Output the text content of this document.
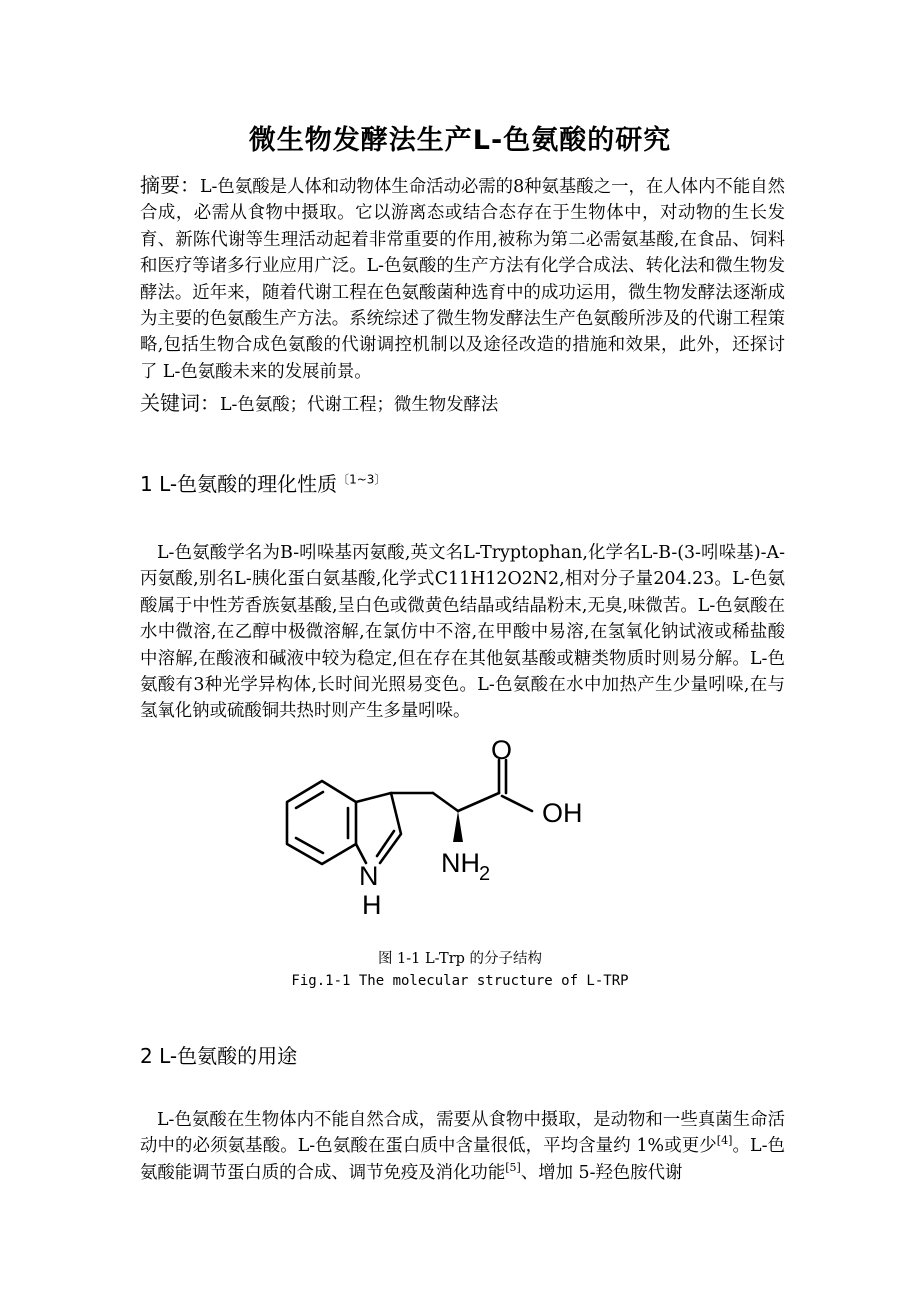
微生物发酵法生产L-色氨酸的研究

摘要：L-色氨酸是人体和动物体生命活动必需的8种氨基酸之一，在人体内不能自然合成，必需从食物中摄取。它以游离态或结合态存在于生物体中，对动物的生长发育、新陈代谢等生理活动起着非常重要的作用,被称为第二必需氨基酸,在食品、饲料和医疗等诸多行业应用广泛。L-色氨酸的生产方法有化学合成法、转化法和微生物发酵法。近年来，随着代谢工程在色氨酸菌种选育中的成功运用，微生物发酵法逐渐成为主要的色氨酸生产方法。系统综述了微生物发酵法生产色氨酸所涉及的代谢工程策略,包括生物合成色氨酸的代谢调控机制以及途径改造的措施和效果，此外，还探讨了 L-色氨酸未来的发展前景。

关键词：L-色氨酸；代谢工程；微生物发酵法

1 L-色氨酸的理化性质$^{〔1\sim 3〕}$

L-色氨酸学名为B-吲哚基丙氨酸,英文名L-Tryptophan,化学名L-B-(3-吲哚基)-A-丙氨酸,别名L-胰化蛋白氨基酸,化学式C11H12O2N2,相对分子量204.23。L-色氨酸属于中性芳香族氨基酸,呈白色或微黄色结晶或结晶粉末,无臭,味微苦。L-色氨酸在水中微溶,在乙醇中极微溶解,在氯仿中不溶,在甲酸中易溶,在氢氧化钠试液或稀盐酸中溶解,在酸液和碱液中较为稳定,但在存在其他氨基酸或糖类物质时则易分解。L-色氨酸有3种光学异构体,长时间光照易变色。L-色氨酸在水中加热产生少量吲哚,在与氢氧化钠或硫酸铜共热时则产生多量吲哚。

O
OH
NH 2
N
H
图 1-1 L-Trp 的分子结构
Fig.1-1 The molecular structure of L-TRP
2 L-色氨酸的用途

L-色氨酸在生物体内不能自然合成，需要从食物中摄取，是动物和一些真菌生命活动中的必须氨基酸。L-色氨酸在蛋白质中含量很低，平均含量约 1%或更少[4]。L-色氨酸能调节蛋白质的合成、调节免疫及消化功能[5]、增加 5-羟色胺代谢
